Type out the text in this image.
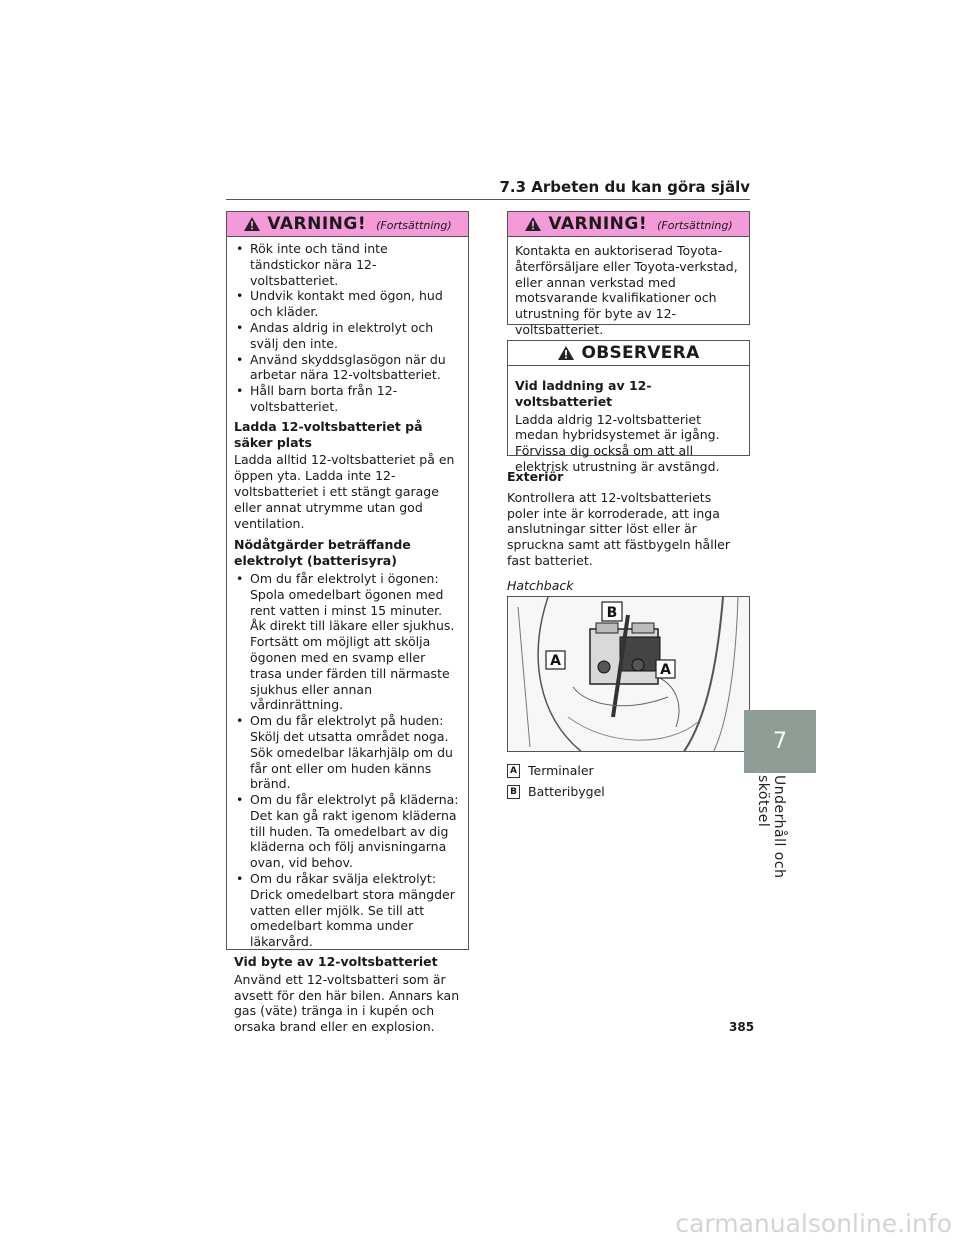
7.3 Arbeten du kan göra själv
VARNING! (Fortsättning)
• Rök inte och tänd inte tändstickor nära 12-voltsbatteriet.
• Undvik kontakt med ögon, hud och kläder.
• Andas aldrig in elektrolyt och svälj den inte.
• Använd skyddsglasögon när du arbetar nära 12-voltsbatteriet.
• Håll barn borta från 12-voltsbatteriet.
Ladda 12-voltsbatteriet på säker plats

Ladda alltid 12-voltsbatteriet på en öppen yta. Ladda inte 12-voltsbatteriet i ett stängt garage eller annat utrymme utan god ventilation.

Nödåtgärder beträffande elektrolyt (batterisyra)
• Om du får elektrolyt i ögonen: Spola omedelbart ögonen med rent vatten i minst 15 minuter. Åk direkt till läkare eller sjukhus. Fortsätt om möjligt att skölja ögonen med en svamp eller trasa under färden till närmaste sjukhus eller annan vårdinrättning.
• Om du får elektrolyt på huden: Skölj det utsatta området noga. Sök omedelbar läkarhjälp om du får ont eller om huden känns bränd.
• Om du får elektrolyt på kläderna: Det kan gå rakt igenom kläderna till huden. Ta omedelbart av dig kläderna och följ anvisningarna ovan, vid behov.
• Om du råkar svälja elektrolyt: Drick omedelbart stora mängder vatten eller mjölk. Se till att omedelbart komma under läkarvård.
Vid byte av 12-voltsbatteriet

Använd ett 12-voltsbatteri som är avsett för den här bilen. Annars kan gas (väte) tränga in i kupén och orsaka brand eller en explosion.

VARNING! (Fortsättning)

Kontakta en auktoriserad Toyota-återförsäljare eller Toyota-verkstad, eller annan verkstad med motsvarande kvalifikationer och utrustning för byte av 12-voltsbatteriet.

OBSERVERA
Vid laddning av 12-voltsbatteriet

Ladda aldrig 12-voltsbatteriet medan hybridsystemet är igång. Förvissa dig också om att all elektrisk utrustning är avstängd.

Exteriör

Kontrollera att 12-voltsbatteriets poler inte är korroderade, att inga anslutningar sitter löst eller är spruckna samt att fästbygeln håller fast batteriet.

Hatchback

B
A
A
A Terminaler
B Batteribygel
7
Underhåll och skötsel
385
carmanualsonline.info
